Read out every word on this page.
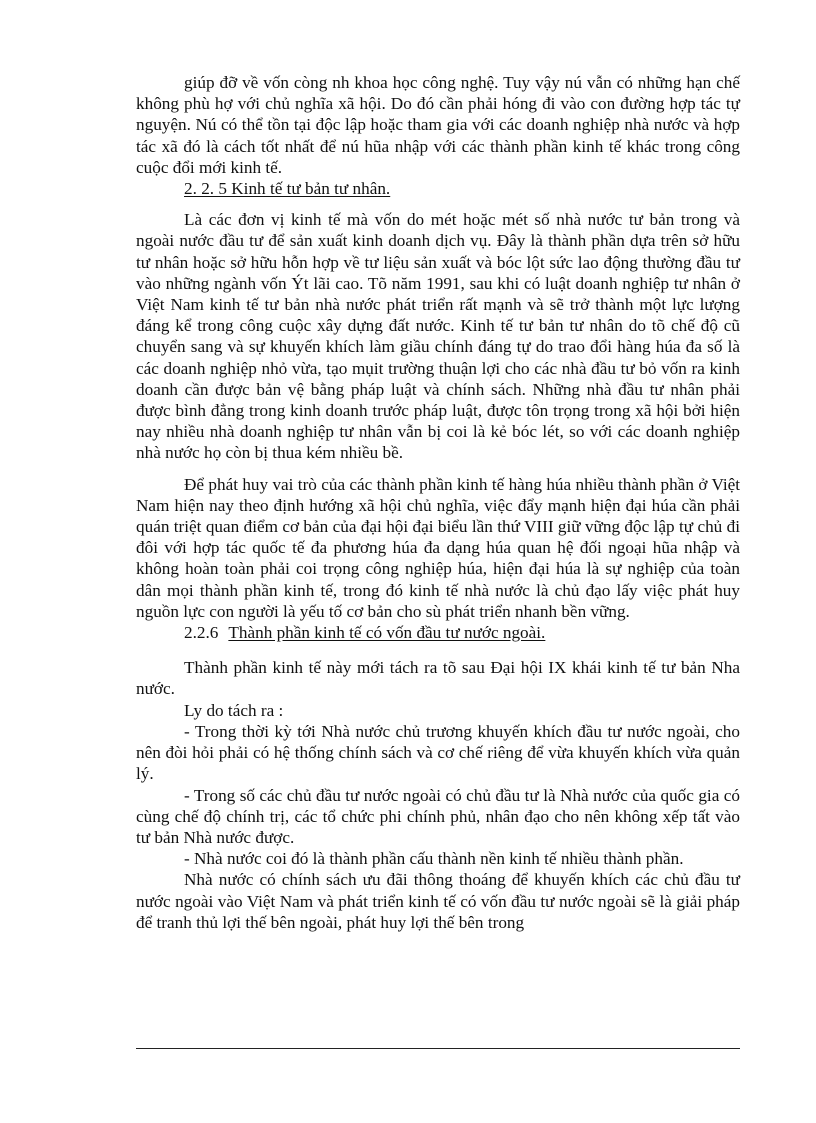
giúp đỡ về vốn còng nh khoa học công nghệ. Tuy vậy nú vẫn có những hạn chế không phù hợ với chủ nghĩa xã hội. Do đó cần phải hóng đi vào con đường hợp tác tự nguyện. Nú có thể tồn tại độc lập hoặc tham gia với các doanh nghiệp nhà nước và hợp tác xã đó là cách tốt nhất để nú hũa nhập với các thành phần kinh tế khác trong công cuộc đổi mới kinh tế.

2. 2. 5 Kinh tế tư bản tư nhân.

Là các đơn vị kinh tế mà vốn do mét hoặc mét số nhà nước tư bản trong và ngoài nước đầu tư để sản xuất kinh doanh dịch vụ. Đây là thành phần dựa trên sở hữu tư nhân hoặc sở hữu hỗn hợp về tư liệu sản xuất và bóc lột sức lao động thường đầu tư vào những ngành vốn Ýt lãi cao. Tõ năm 1991, sau khi có luật doanh nghiệp tư nhân ở Việt Nam kinh tế tư bản nhà nước phát triển rất mạnh và sẽ trở thành một lực lượng đáng kể trong công cuộc xây dựng đất nước. Kinh tế tư bản tư nhân do tõ chế độ cũ chuyển sang và sự khuyến khích làm giầu chính đáng tự do trao đổi hàng húa đa số là các doanh nghiệp nhỏ vừa, tạo mụit trường thuận lợi cho các nhà đầu tư bỏ vốn ra kinh doanh cần được bản vệ bằng pháp luật và chính sách. Những nhà đầu tư nhân phải được bình đẳng trong kinh doanh trước pháp luật, được tôn trọng trong xã hội bởi hiện nay nhiều nhà doanh nghiệp tư nhân vẫn bị coi là kẻ bóc lét, so với các doanh nghiệp nhà nước họ còn bị thua kém nhiều bề.

Để phát huy vai trò của các thành phần kinh tế hàng húa nhiều thành phần ở Việt Nam hiện nay theo định hướng xã hội chủ nghĩa, việc đẩy mạnh hiện đại húa cần phải quán triệt quan điểm cơ bản của đại hội đại biểu lần thứ VIII giữ vững độc lập tự chủ đi đôi với hợp tác quốc tế đa phương húa đa dạng húa quan hệ đối ngoại hũa nhập và không hoàn toàn phải coi trọng công nghiệp húa, hiện đại húa là sự nghiệp của toàn dân mọi thành phần kinh tế, trong đó kinh tế nhà nước là chủ đạo lấy việc phát huy nguồn lực con người là yếu tố cơ bản cho sù phát triển nhanh bền vững.

2.2.6 Thành phần kinh tế có vốn đầu tư nước ngoài.

Thành phần kinh tế này mới tách ra tõ sau Đại hội IX khái kinh tế tư bản Nha nước.

Ly do tách ra :

- Trong thời kỳ tới Nhà nước chủ trương khuyến khích đầu tư nước ngoài, cho nên đòi hỏi phải có hệ thống chính sách và cơ chế riêng để vừa khuyến khích vừa quản lý.

- Trong số các chủ đầu tư nước ngoài có chủ đầu tư là Nhà nước của quốc gia có cùng chế độ chính trị, các tổ chức phi chính phủ, nhân đạo cho nên không xếp tất vào tư bản Nhà nước được.

- Nhà nước coi đó là thành phần cấu thành nền kinh tế nhiều thành phần.

Nhà nước có chính sách ưu đãi thông thoáng để khuyến khích các chủ đầu tư nước ngoài vào Việt Nam và phát triển kinh tế có vốn đầu tư nước ngoài sẽ là giải pháp để tranh thủ lợi thế bên ngoài, phát huy lợi thế bên trong
